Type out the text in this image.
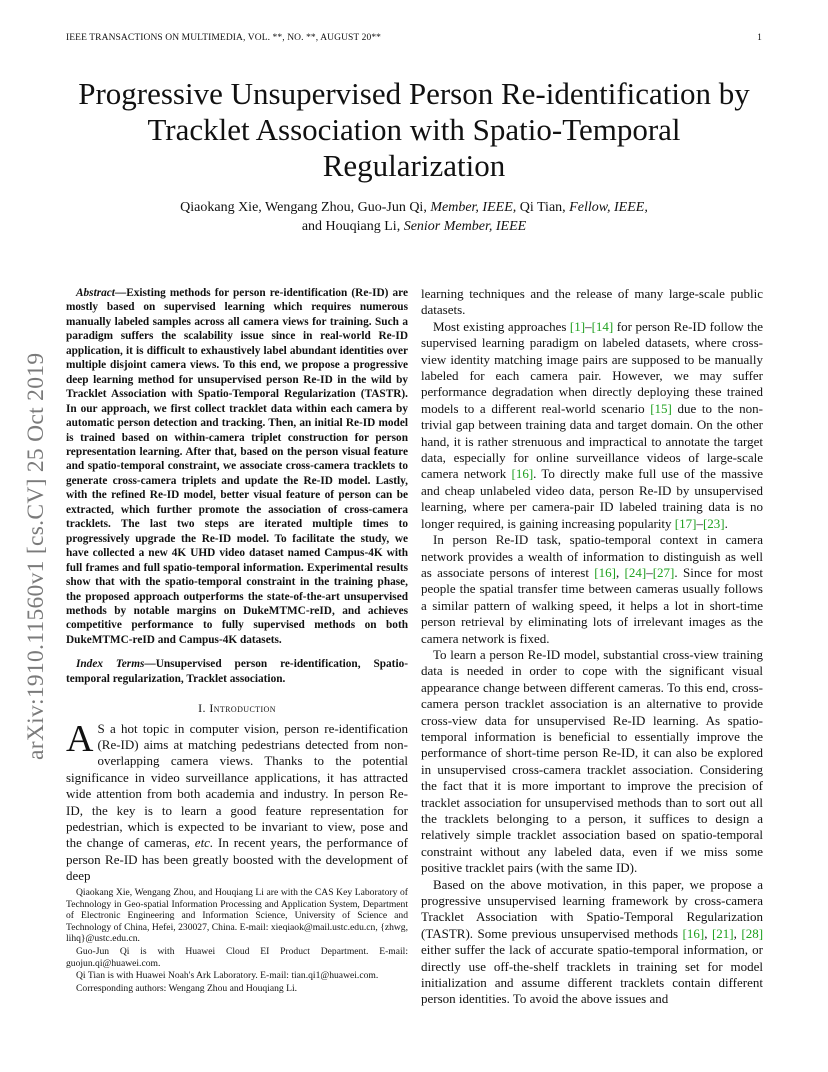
IEEE TRANSACTIONS ON MULTIMEDIA, VOL. **, NO. **, AUGUST 20**	1
arXiv:1910.11560v1 [cs.CV] 25 Oct 2019
Progressive Unsupervised Person Re-identification by Tracklet Association with Spatio-Temporal Regularization
Qiaokang Xie, Wengang Zhou, Guo-Jun Qi, Member, IEEE, Qi Tian, Fellow, IEEE,
and Houqiang Li, Senior Member, IEEE

Abstract—Existing methods for person re-identification (Re-ID) are mostly based on supervised learning which requires numerous manually labeled samples across all camera views for training. Such a paradigm suffers the scalability issue since in real-world Re-ID application, it is difficult to exhaustively label abundant identities over multiple disjoint camera views. To this end, we propose a progressive deep learning method for unsupervised person Re-ID in the wild by Tracklet Association with Spatio-Temporal Regularization (TASTR). In our approach, we first collect tracklet data within each camera by automatic person detection and tracking. Then, an initial Re-ID model is trained based on within-camera triplet construction for person representation learning. After that, based on the person visual feature and spatio-temporal constraint, we associate cross-camera tracklets to generate cross-camera triplets and update the Re-ID model. Lastly, with the refined Re-ID model, better visual feature of person can be extracted, which further promote the association of cross-camera tracklets. The last two steps are iterated multiple times to progressively upgrade the Re-ID model. To facilitate the study, we have collected a new 4K UHD video dataset named Campus-4K with full frames and full spatio-temporal information. Experimental results show that with the spatio-temporal constraint in the training phase, the proposed approach outperforms the state-of-the-art unsupervised methods by notable margins on DukeMTMC-reID, and achieves competitive performance to fully supervised methods on both DukeMTMC-reID and Campus-4K datasets.

Index Terms—Unsupervised person re-identification, Spatio-temporal regularization, Tracklet association.

I. Introduction

A S a hot topic in computer vision, person re-identification (Re-ID) aims at matching pedestrians detected from non-overlapping camera views. Thanks to the potential significance in video surveillance applications, it has attracted wide attention from both academia and industry. In person Re-ID, the key is to learn a good feature representation for pedestrian, which is expected to be invariant to view, pose and the change of cameras, etc. In recent years, the performance of person Re-ID has been greatly boosted with the development of deep

Qiaokang Xie, Wengang Zhou, and Houqiang Li are with the CAS Key Laboratory of Technology in Geo-spatial Information Processing and Application System, Department of Electronic Engineering and Information Science, University of Science and Technology of China, Hefei, 230027, China. E-mail: xieqiaok@mail.ustc.edu.cn, {zhwg, lihq}@ustc.edu.cn.

Guo-Jun Qi is with Huawei Cloud EI Product Department. E-mail: guojun.qi@huawei.com.

Qi Tian is with Huawei Noah's Ark Laboratory. E-mail: tian.qi1@huawei.com.

Corresponding authors: Wengang Zhou and Houqiang Li.

learning techniques and the release of many large-scale public datasets.

Most existing approaches [1]–[14] for person Re-ID follow the supervised learning paradigm on labeled datasets, where cross-view identity matching image pairs are supposed to be manually labeled for each camera pair. However, we may suffer performance degradation when directly deploying these trained models to a different real-world scenario [15] due to the non-trivial gap between training data and target domain. On the other hand, it is rather strenuous and impractical to annotate the target data, especially for online surveillance videos of large-scale camera network [16]. To directly make full use of the massive and cheap unlabeled video data, person Re-ID by unsupervised learning, where per camera-pair ID labeled training data is no longer required, is gaining increasing popularity [17]–[23].

In person Re-ID task, spatio-temporal context in camera network provides a wealth of information to distinguish as well as associate persons of interest [16], [24]–[27]. Since for most people the spatial transfer time between cameras usually follows a similar pattern of walking speed, it helps a lot in short-time person retrieval by eliminating lots of irrelevant images as the camera network is fixed.

To learn a person Re-ID model, substantial cross-view training data is needed in order to cope with the significant visual appearance change between different cameras. To this end, cross-camera person tracklet association is an alternative to provide cross-view data for unsupervised Re-ID learning. As spatio-temporal information is beneficial to essentially improve the performance of short-time person Re-ID, it can also be explored in unsupervised cross-camera tracklet association. Considering the fact that it is more important to improve the precision of tracklet association for unsupervised methods than to sort out all the tracklets belonging to a person, it suffices to design a relatively simple tracklet association based on spatio-temporal constraint without any labeled data, even if we miss some positive tracklet pairs (with the same ID).

Based on the above motivation, in this paper, we propose a progressive unsupervised learning framework by cross-camera Tracklet Association with Spatio-Temporal Regularization (TASTR). Some previous unsupervised methods [16], [21], [28] either suffer the lack of accurate spatio-temporal information, or directly use off-the-shelf tracklets in training set for model initialization and assume different tracklets contain different person identities. To avoid the above issues and
